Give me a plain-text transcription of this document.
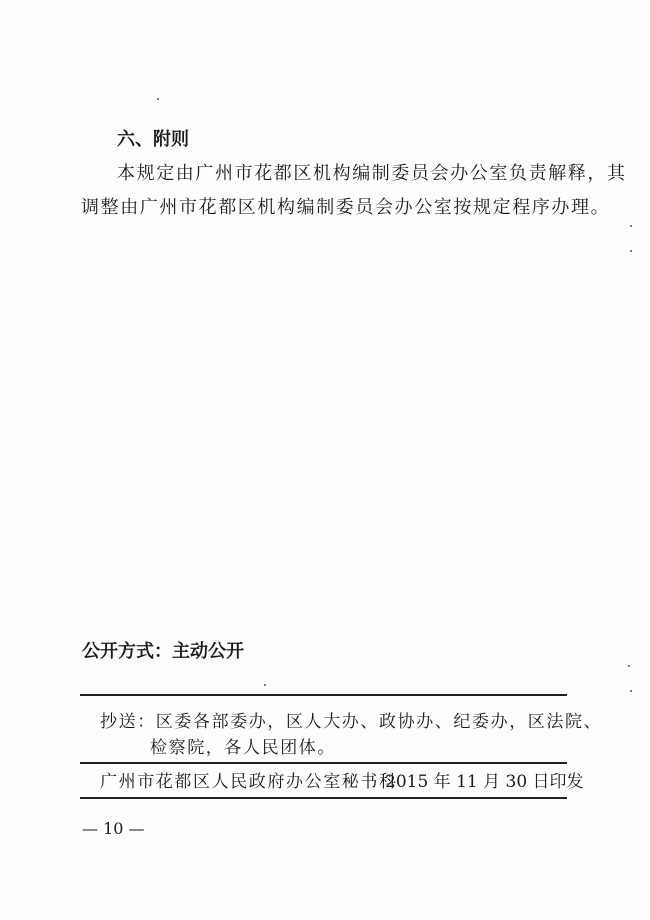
六、附则
本规定由广州市花都区机构编制委员会办公室负责解释，其
调整由广州市花都区机构编制委员会办公室按规定程序办理。
公开方式：主动公开
抄送：区委各部委办，区人大办、政协办、纪委办，区法院、
检察院，各人民团体。
广州市花都区人民政府办公室秘书科
2015 年 11 月 30 日印发
— 10 —
